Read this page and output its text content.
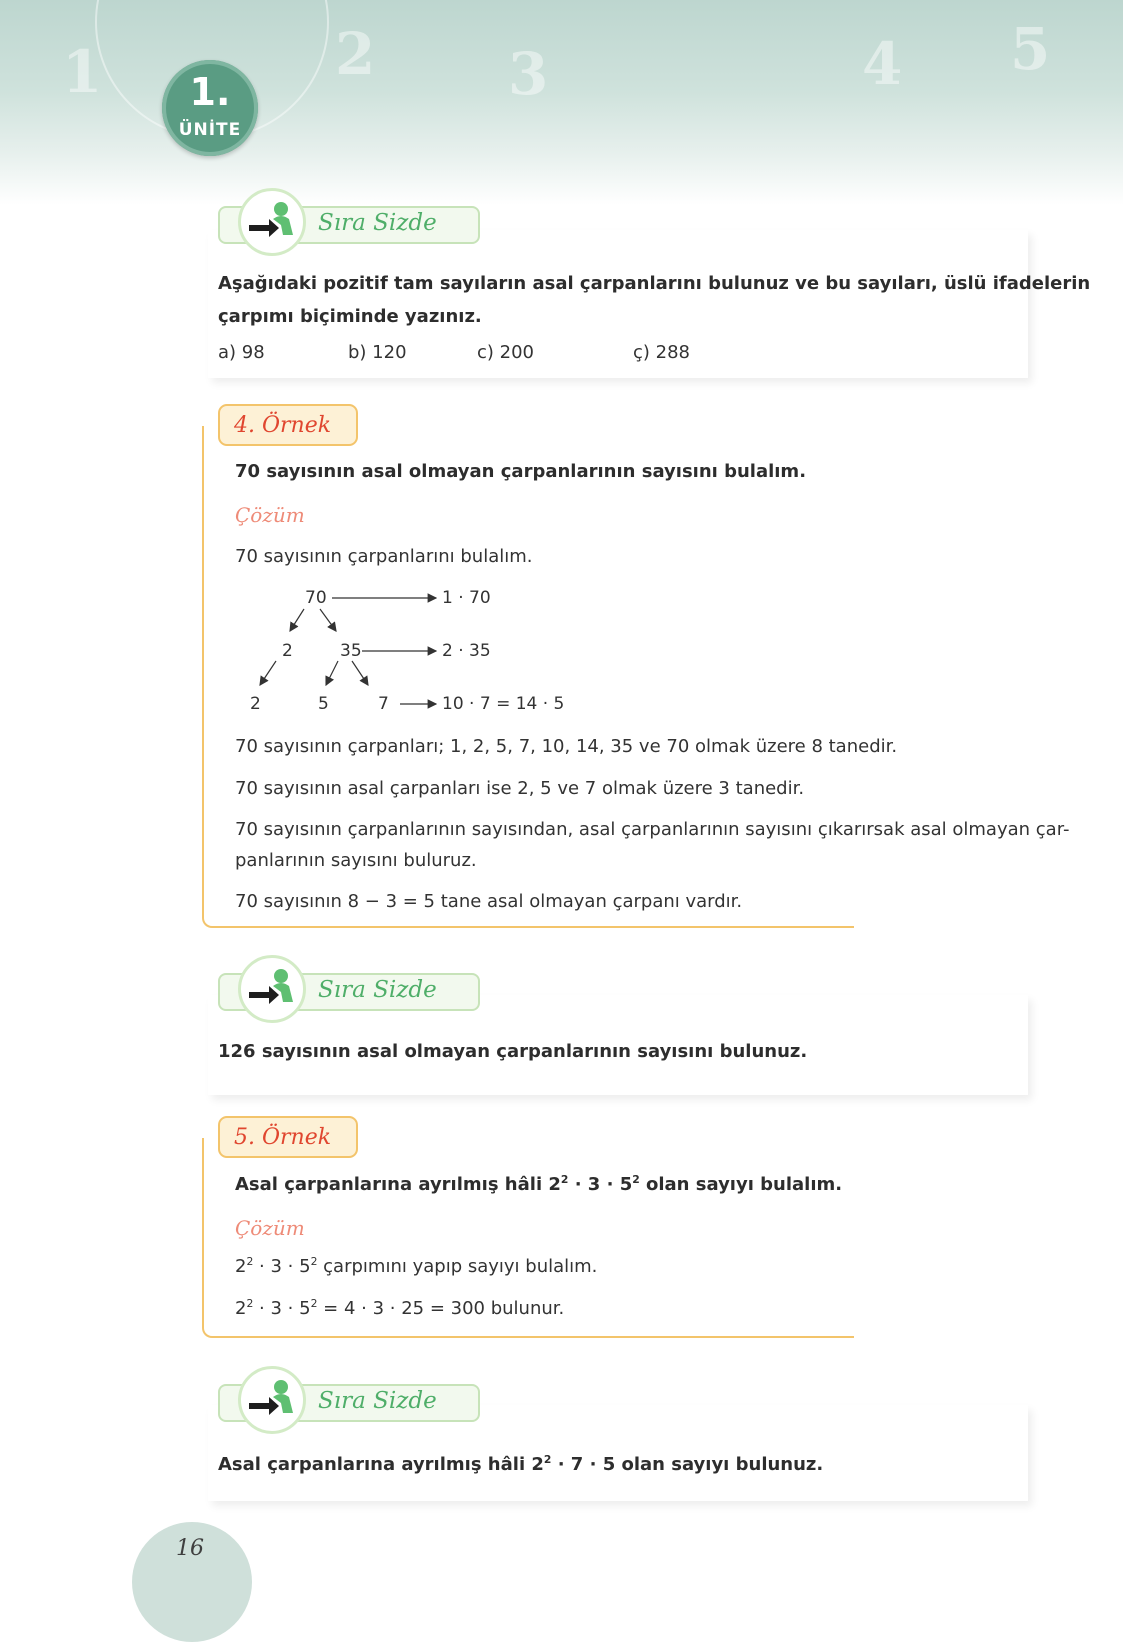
1	2 3	4 5
1.
ÜNİTE
Sıra Sizde
Aşağıdaki pozitif tam sayıların asal çarpanlarını bulunuz ve bu sayıları, üslü ifadelerin
çarpımı biçiminde yazınız.
a) 98	b) 120	c) 200	ç) 288
4. Örnek
70 sayısının asal olmayan çarpanlarının sayısını bulalım.
Çözüm
70 sayısının çarpanlarını bulalım.
70	1 · 70
2	35	2 · 35
2	5	7	10 · 7 = 14 · 5
70 sayısının çarpanları; 1, 2, 5, 7, 10, 14, 35 ve 70 olmak üzere 8 tanedir.
70 sayısının asal çarpanları ise 2, 5 ve 7 olmak üzere 3 tanedir.
70 sayısının çarpanlarının sayısından, asal çarpanlarının sayısını çıkarırsak asal olmayan çar-
panlarının sayısını buluruz.
70 sayısının 8 − 3 = 5 tane asal olmayan çarpanı vardır.
Sıra Sizde
126 sayısının asal olmayan çarpanlarının sayısını bulunuz.
5. Örnek
Asal çarpanlarına ayrılmış hâli $2^2 \cdot 3 \cdot 5^2$ olan sayıyı bulalım.
Çözüm
$2^2 \cdot 3 \cdot 5^2$ çarpımını yapıp sayıyı bulalım.
$2^2 \cdot 3 \cdot 5^2 = 4 \cdot 3 \cdot 25 = 300$ bulunur.
Sıra Sizde
Asal çarpanlarına ayrılmış hâli $2^2 \cdot 7 \cdot 5$ olan sayıyı bulunuz.
16
